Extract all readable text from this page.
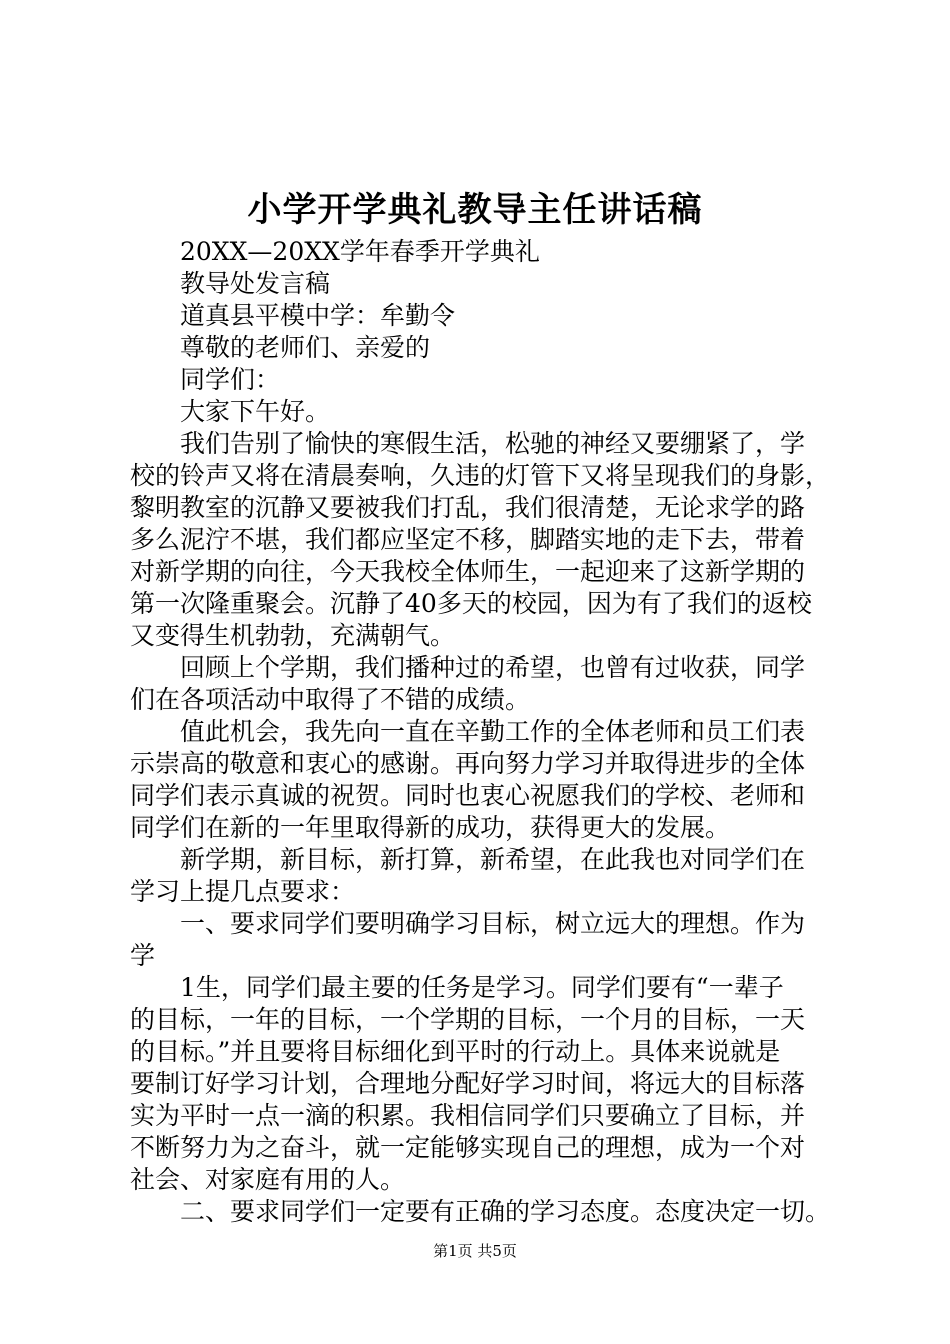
小学开学典礼教导主任讲话稿
20XX—20XX学年春季开学典礼
教导处发言稿
道真县平模中学：牟勤令
尊敬的老师们、亲爱的
同学们：
大家下午好。
我们告别了愉快的寒假生活，松驰的神经又要绷紧了，学
校的铃声又将在清晨奏响，久违的灯管下又将呈现我们的身影，
黎明教室的沉静又要被我们打乱，我们很清楚，无论求学的路
多么泥泞不堪，我们都应坚定不移，脚踏实地的走下去，带着
对新学期的向往，今天我校全体师生，一起迎来了这新学期的
第一次隆重聚会。沉静了40多天的校园，因为有了我们的返校
又变得生机勃勃，充满朝气。
回顾上个学期，我们播种过的希望，也曾有过收获，同学
们在各项活动中取得了不错的成绩。
值此机会，我先向一直在辛勤工作的全体老师和员工们表
示崇高的敬意和衷心的感谢。再向努力学习并取得进步的全体
同学们表示真诚的祝贺。同时也衷心祝愿我们的学校、老师和
同学们在新的一年里取得新的成功，获得更大的发展。
新学期，新目标，新打算，新希望，在此我也对同学们在
学习上提几点要求：
一、要求同学们要明确学习目标，树立远大的理想。作为
学
1生，同学们最主要的任务是学习。同学们要有“一辈子
的目标，一年的目标，一个学期的目标，一个月的目标，一天
的目标。”并且要将目标细化到平时的行动上。具体来说就是
要制订好学习计划，合理地分配好学习时间，将远大的目标落
实为平时一点一滴的积累。我相信同学们只要确立了目标，并
不断努力为之奋斗，就一定能够实现自己的理想，成为一个对
社会、对家庭有用的人。
二、要求同学们一定要有正确的学习态度。态度决定一切。
第1页 共5页
